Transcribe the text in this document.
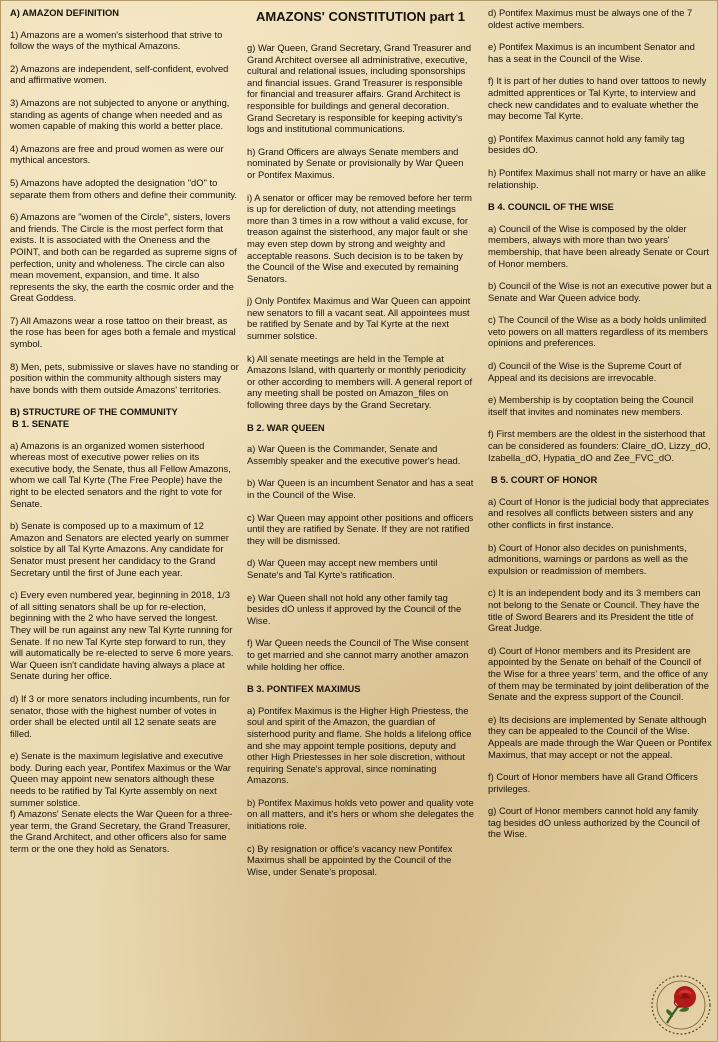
A) AMAZON DEFINITION

1) Amazons are a women's sisterhood that strive to follow the ways of the mythical Amazons.

2) Amazons are independent, self-confident, evolved and affirmative women.

3) Amazons are not subjected to anyone or anything, standing as agents of change when needed and as women capable of making this world a better place.

4) Amazons are free and proud women as were our mythical ancestors.

5) Amazons have adopted the designation "dO" to separate them from others and define their community.

6) Amazons are "women of the Circle", sisters, lovers and friends. The Circle is the most perfect form that exists. It is associated with the Oneness and the POINT, and both can be regarded as supreme signs of perfection, unity and wholeness. The circle can also mean movement, expansion, and time. It also represents the sky, the earth the cosmic order and the Great Goddess.

7) All Amazons wear a rose tattoo on their breast, as the rose has been for ages both a female and mystical symbol.

8) Men, pets, submissive or slaves have no standing or position within the community although sisters may have bonds with them outside Amazons' territories.

B) STRUCTURE OF THE COMMUNITY
B 1. SENATE

a) Amazons is an organized women sisterhood whereas most of executive power relies on its executive body, the Senate, thus all Fellow Amazons, whom we call Tal Kyrte (The Free People) have the right to be elected senators and the right to vote for Senate.

b) Senate is composed up to a maximum of 12 Amazon and Senators are elected yearly on summer solstice by all Tal Kyrte Amazons. Any candidate for Senator must present her candidacy to the Grand Secretary until the first of June each year.

c) Every even numbered year, beginning in 2018, 1/3 of all sitting senators shall be up for re-election, beginning with the 2 who have served the longest. They will be run against any new Tal Kyrte running for Senate. If no new Tal Kyrte step forward to run, they will automatically be re-elected to serve 6 more years. War Queen isn't candidate having always a place at Senate during her office.

d) If 3 or more senators including incumbents, run for senator, those with the highest number of votes in order shall be elected until all 12 senate seats are filled.

e) Senate is the maximum legislative and executive body. During each year, Pontifex Maximus or the War Queen may appoint new senators although these needs to be ratified by Tal Kyrte assembly on next summer solstice.

f) Amazons' Senate elects the War Queen for a three-year term, the Grand Secretary, the Grand Treasurer, the Grand Architect, and other officers also for same term or the one they hold as Senators.

AMAZONS' CONSTITUTION part 1

g) War Queen, Grand Secretary, Grand Treasurer and Grand Architect oversee all administrative, executive, cultural and relational issues, including sponsorships and financial issues. Grand Treasurer is responsible for financial and treasurer affairs. Grand Architect is responsible for buildings and general decoration. Grand Secretary is responsible for keeping activity's logs and institutional communications.

h) Grand Officers are always Senate members and nominated by Senate or provisionally by War Queen or Pontifex Maximus.

i) A senator or officer may be removed before her term is up for dereliction of duty, not attending meetings more than 3 times in a row without a valid excuse, for treason against the sisterhood, any major fault or she may even step down by strong and weighty and acceptable reasons. Such decision is to be taken by the Council of the Wise and executed by remaining Senators.

j) Only Pontifex Maximus and War Queen can appoint new senators to fill a vacant seat. All appointees must be ratified by Senate and by Tal Kyrte at the next summer solstice.

k) All senate meetings are held in the Temple at Amazons Island, with quarterly or monthly periodicity or other according to members will. A general report of any meeting shall be posted on Amazon_files on following three days by the Grand Secretary.

B 2. WAR QUEEN

a) War Queen is the Commander, Senate and Assembly speaker and the executive power's head.

b) War Queen is an incumbent Senator and has a seat in the Council of the Wise.

c) War Queen may appoint other positions and officers until they are ratified by Senate. If they are not ratified they will be dismissed.

d) War Queen may accept new members until Senate's and Tal Kyrte's ratification.

e) War Queen shall not hold any other family tag besides dO unless if approved by the Council of the Wise.

f) War Queen needs the Council of The Wise consent to get married and she cannot marry another amazon while holding her office.

B 3. PONTIFEX MAXIMUS

a) Pontifex Maximus is the Higher High Priestess, the soul and spirit of the Amazon, the guardian of sisterhood purity and flame. She holds a lifelong office and she may appoint temple positions, deputy and other High Priestesses in her sole discretion, without requiring Senate's approval, since nominating Amazons.

b) Pontifex Maximus holds veto power and quality vote on all matters, and it's hers or whom she delegates the initiations role.

c) By resignation or office's vacancy new Pontifex Maximus shall be appointed by the Council of the Wise, under Senate's proposal.

d) Pontifex Maximus must be always one of the 7 oldest active members.

e) Pontifex Maximus is an incumbent Senator and has a seat in the Council of the Wise.

f) It is part of her duties to hand over tattoos to newly admitted apprentices or Tal Kyrte, to interview and check new candidates and to evaluate whether the may become Tal Kyrte.

g) Pontifex Maximus cannot hold any family tag besides dO.

h) Pontifex Maximus shall not marry or have an alike relationship.

B 4. COUNCIL OF THE WISE

a) Council of the Wise is composed by the older members, always with more than two years' membership, that have been already Senate or Court of Honor members.

b) Council of the Wise is not an executive power but a Senate and War Queen advice body.

c) The Council of the Wise as a body holds unlimited veto powers on all matters regardless of its members opinions and preferences.

d) Council of the Wise is the Supreme Court of Appeal and its decisions are irrevocable.

e) Membership is by cooptation being the Council itself that invites and nominates new members.

f) First members are the oldest in the sisterhood that can be considered as founders: Claire_dO, Lizzy_dO, Izabella_dO, Hypatia_dO and Zee_FVC_dO.

B 5. COURT OF HONOR

a) Court of Honor is the judicial body that appreciates and resolves all conflicts between sisters and any other conflicts in first instance.

b) Court of Honor also decides on punishments, admonitions, warnings or pardons as well as the expulsion or readmission of members.

c) It is an independent body and its 3 members can not belong to the Senate or Council. They have the title of Sword Bearers and its President the title of Great Judge.

d) Court of Honor members and its President are appointed by the Senate on behalf of the Council of the Wise for a three years' term, and the office of any of them may be terminated by joint deliberation of the Senate and the express support of the Council.

e) Its decisions are implemented by Senate although they can be appealed to the Council of the Wise. Appeals are made through the War Queen or Pontifex Maximus, that may accept or not the appeal.

f) Court of Honor members have all Grand Officers privileges.

g) Court of Honor members cannot hold any family tag besides dO unless authorized by the Council of the Wise.
